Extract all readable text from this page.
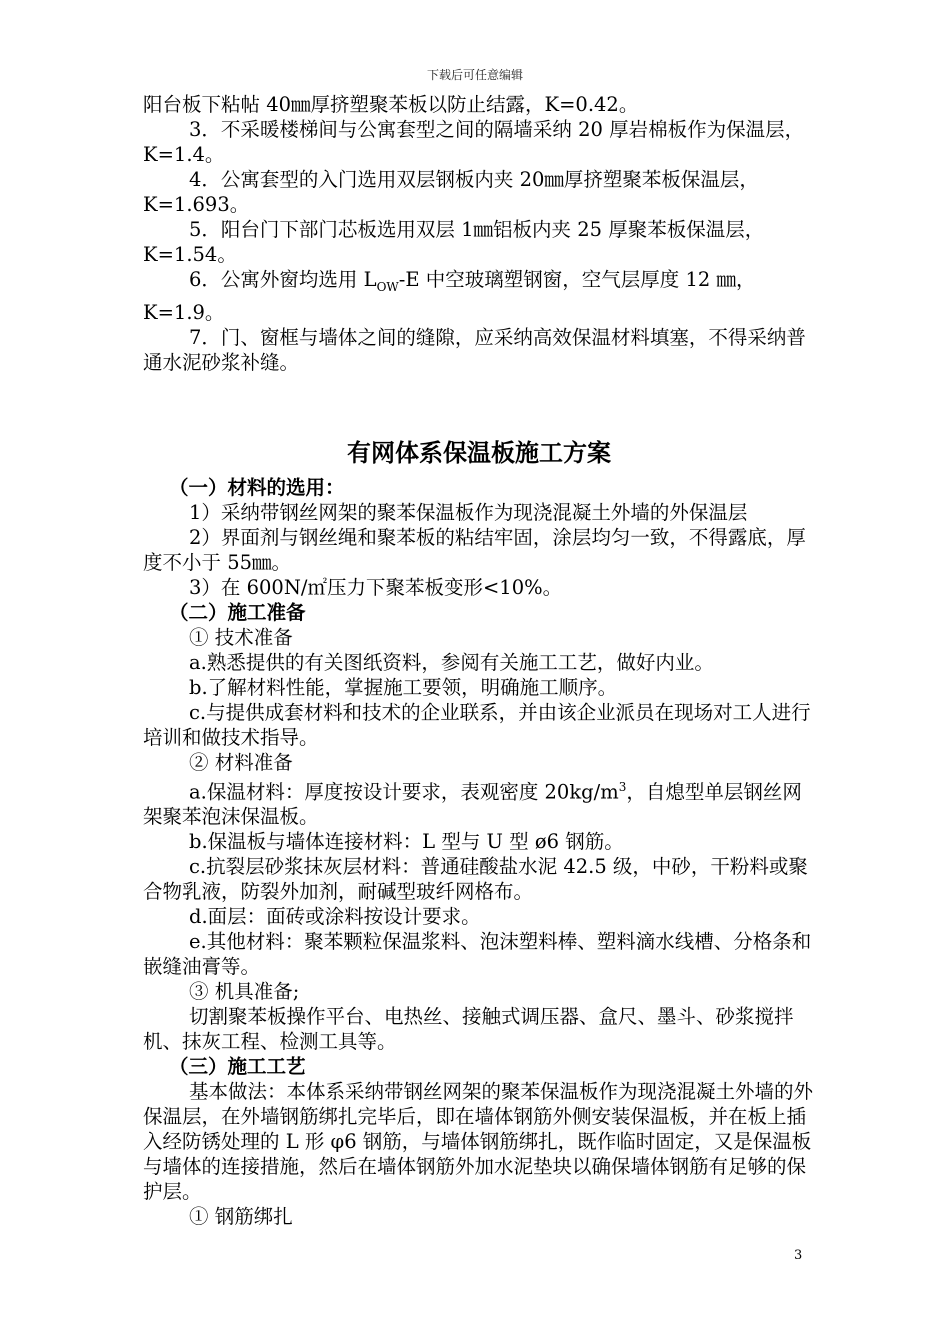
下载后可任意编辑

阳台板下粘帖 40㎜厚挤塑聚苯板以防止结露，K=0.42。

3．不采暖楼梯间与公寓套型之间的隔墙采纳 20 厚岩棉板作为保温层，K=1.4。

4．公寓套型的入门选用双层钢板内夹 20㎜厚挤塑聚苯板保温层，K=1.693。

5．阳台门下部门芯板选用双层 1㎜铝板内夹 25 厚聚苯板保温层，K=1.54。

6．公寓外窗均选用 $L_{OW}-E$ 中空玻璃塑钢窗，空气层厚度 12 ㎜，K=1.9。

7．门、窗框与墙体之间的缝隙，应采纳高效保温材料填塞，不得采纳普通水泥砂浆补缝。

有网体系保温板施工方案

（一）材料的选用：

1）采纳带钢丝网架的聚苯保温板作为现浇混凝土外墙的外保温层

2）界面剂与钢丝绳和聚苯板的粘结牢固，涂层均匀一致，不得露底，厚度不小于 55㎜。

3）在 600N/㎡压力下聚苯板变形<10%。

（二）施工准备

① 技术准备

a.熟悉提供的有关图纸资料，参阅有关施工工艺，做好内业。

b.了解材料性能，掌握施工要领，明确施工顺序。

c.与提供成套材料和技术的企业联系，并由该企业派员在现场对工人进行培训和做技术指导。

② 材料准备

a.保温材料：厚度按设计要求，表观密度 $20kg/m^3$，自熄型单层钢丝网架聚苯泡沫保温板。

b.保温板与墙体连接材料：L 型与 U 型 ø6 钢筋。

c.抗裂层砂浆抹灰层材料：普通硅酸盐水泥 42.5 级，中砂，干粉料或聚合物乳液，防裂外加剂，耐碱型玻纤网格布。

d.面层：面砖或涂料按设计要求。

e.其他材料：聚苯颗粒保温浆料、泡沫塑料棒、塑料滴水线槽、分格条和嵌缝油膏等。

③ 机具准备;

切割聚苯板操作平台、电热丝、接触式调压器、盒尺、墨斗、砂浆搅拌机、抹灰工程、检测工具等。

（三）施工工艺

基本做法：本体系采纳带钢丝网架的聚苯保温板作为现浇混凝土外墙的外保温层，在外墙钢筋绑扎完毕后，即在墙体钢筋外侧安装保温板，并在板上插入经防锈处理的 L 形 φ6 钢筋，与墙体钢筋绑扎，既作临时固定，又是保温板与墙体的连接措施，然后在墙体钢筋外加水泥垫块以确保墙体钢筋有足够的保护层。

① 钢筋绑扎

3
